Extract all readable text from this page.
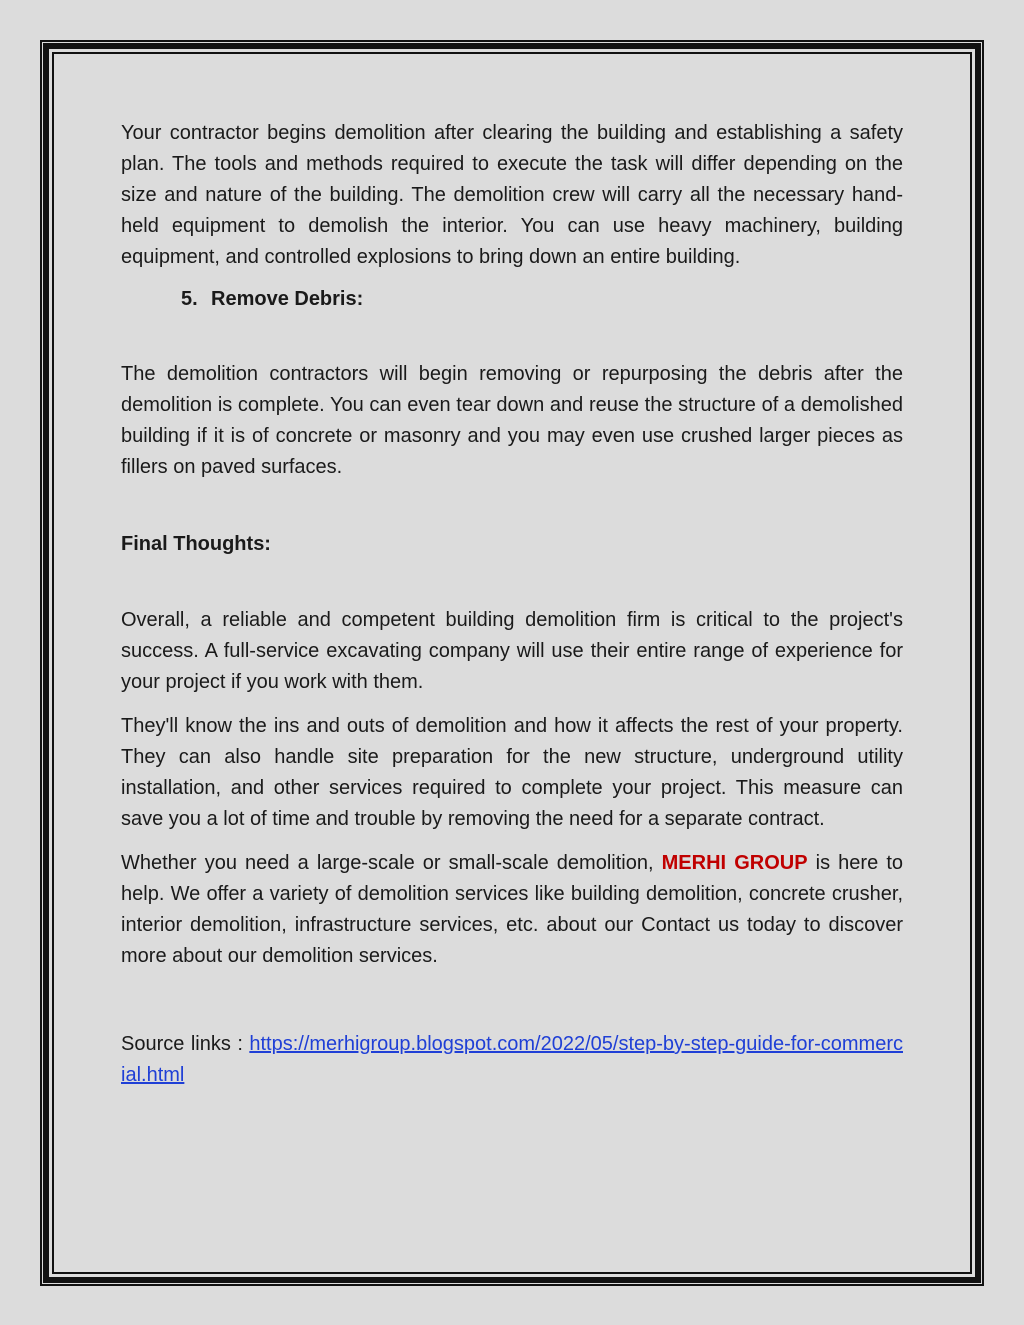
Your contractor begins demolition after clearing the building and establishing a safety plan. The tools and methods required to execute the task will differ depending on the size and nature of the building. The demolition crew will carry all the necessary hand-held equipment to demolish the interior. You can use heavy machinery, building equipment, and controlled explosions to bring down an entire building.

5. Remove Debris:

The demolition contractors will begin removing or repurposing the debris after the demolition is complete. You can even tear down and reuse the structure of a demolished building if it is of concrete or masonry and you may even use crushed larger pieces as fillers on paved surfaces.

Final Thoughts:

Overall, a reliable and competent building demolition firm is critical to the project's success. A full-service excavating company will use their entire range of experience for your project if you work with them.

They'll know the ins and outs of demolition and how it affects the rest of your property. They can also handle site preparation for the new structure, underground utility installation, and other services required to complete your project. This measure can save you a lot of time and trouble by removing the need for a separate contract.

Whether you need a large-scale or small-scale demolition, MERHI GROUP is here to help. We offer a variety of demolition services like building demolition, concrete crusher, interior demolition, infrastructure services, etc. about our Contact us today to discover more about our demolition services.

Source links : https://merhigroup.blogspot.com/2022/05/step-by-step-guide-for-commercial.html
